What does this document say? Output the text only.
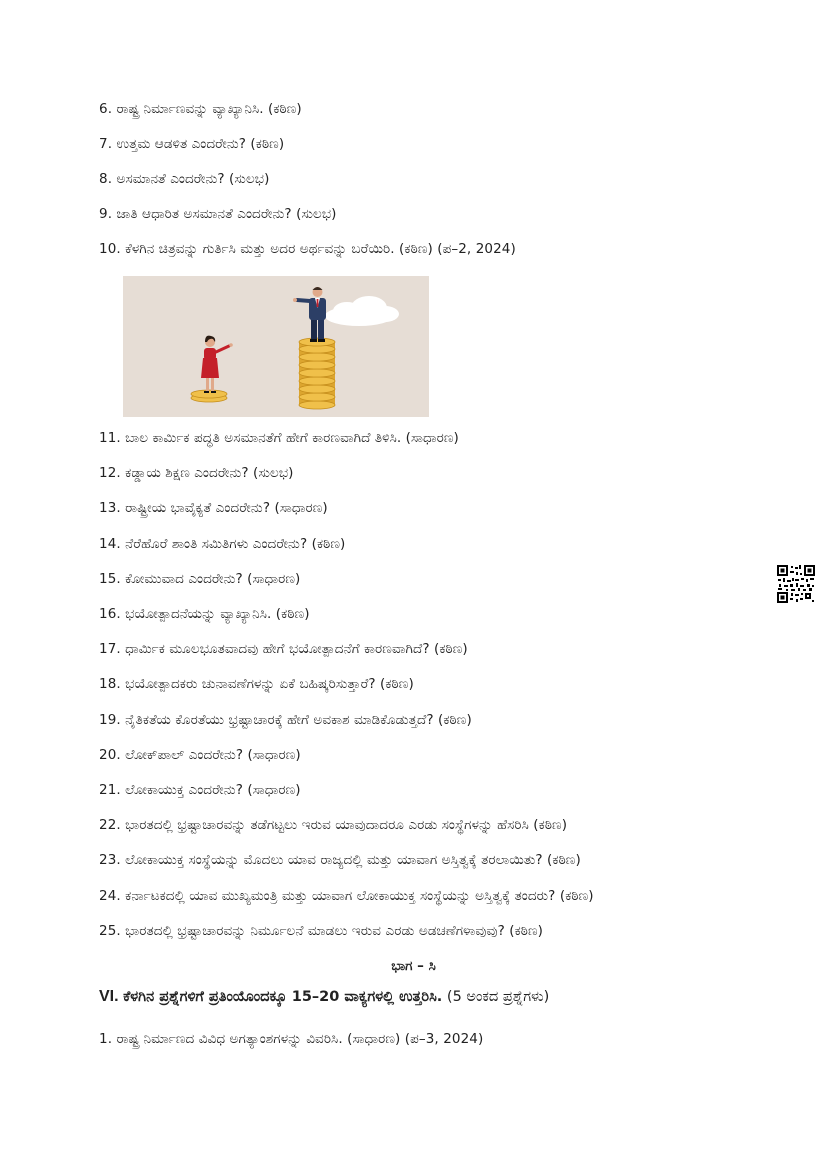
6. ರಾಷ್ಟ್ರ ನಿರ್ಮಾಣವನ್ನು ವ್ಯಾಖ್ಯಾನಿಸಿ. (ಕಠಿಣ)
7. ಉತ್ತಮ ಆಡಳಿತ ಎಂದರೇನು? (ಕಠಿಣ)
8. ಅಸಮಾನತೆ ಎಂದರೇನು? (ಸುಲಭ)
9. ಜಾತಿ ಆಧಾರಿತ ಅಸಮಾನತೆ ಎಂದರೇನು? (ಸುಲಭ)
10. ಕೆಳಗಿನ ಚಿತ್ರವನ್ನು ಗುರ್ತಿಸಿ ಮತ್ತು ಅದರ ಅರ್ಥವನ್ನು ಬರೆಯಿರಿ. (ಕಠಿಣ) (ಪ–2, 2024)
11. ಬಾಲ ಕಾರ್ಮಿಕ ಪದ್ಧತಿ ಅಸಮಾನತೆಗೆ ಹೇಗೆ ಕಾರಣವಾಗಿದೆ ತಿಳಿಸಿ. (ಸಾಧಾರಣ)
12. ಕಡ್ಡಾಯ ಶಿಕ್ಷಣ ಎಂದರೇನು? (ಸುಲಭ)
13. ರಾಷ್ಟ್ರೀಯ ಭಾವೈಕ್ಯತೆ ಎಂದರೇನು? (ಸಾಧಾರಣ)
14. ನೆರೆಹೊರೆ ಶಾಂತಿ ಸಮಿತಿಗಳು ಎಂದರೇನು? (ಕಠಿಣ)
15. ಕೋಮುವಾದ ಎಂದರೇನು? (ಸಾಧಾರಣ)
16. ಭಯೋತ್ಪಾದನೆಯನ್ನು ವ್ಯಾಖ್ಯಾನಿಸಿ. (ಕಠಿಣ)
17. ಧಾರ್ಮಿಕ ಮೂಲಭೂತವಾದವು ಹೇಗೆ ಭಯೋತ್ಪಾದನೆಗೆ ಕಾರಣವಾಗಿದೆ? (ಕಠಿಣ)
18. ಭಯೋತ್ಪಾದಕರು ಚುನಾವಣೆಗಳನ್ನು ಏಕೆ ಬಹಿಷ್ಕರಿಸುತ್ತಾರೆ? (ಕಠಿಣ)
19. ನೈತಿಕತೆಯ ಕೊರತೆಯು ಭ್ರಷ್ಟಾಚಾರಕ್ಕೆ ಹೇಗೆ ಅವಕಾಶ ಮಾಡಿಕೊಡುತ್ತದೆ? (ಕಠಿಣ)
20. ಲೋಕ್‌ಪಾಲ್ ಎಂದರೇನು? (ಸಾಧಾರಣ)
21. ಲೋಕಾಯುಕ್ತ ಎಂದರೇನು? (ಸಾಧಾರಣ)
22. ಭಾರತದಲ್ಲಿ ಭ್ರಷ್ಟಾಚಾರವನ್ನು ತಡೆಗಟ್ಟಲು ಇರುವ ಯಾವುದಾದರೂ ಎರಡು ಸಂಸ್ಥೆಗಳನ್ನು ಹೆಸರಿಸಿ (ಕಠಿಣ)
23. ಲೋಕಾಯುಕ್ತ ಸಂಸ್ಥೆಯನ್ನು ಮೊದಲು ಯಾವ ರಾಜ್ಯದಲ್ಲಿ ಮತ್ತು ಯಾವಾಗ ಅಸ್ತಿತ್ವಕ್ಕೆ ತರಲಾಯಿತು? (ಕಠಿಣ)
24. ಕರ್ನಾಟಕದಲ್ಲಿ ಯಾವ ಮುಖ್ಯಮಂತ್ರಿ ಮತ್ತು ಯಾವಾಗ ಲೋಕಾಯುಕ್ತ ಸಂಸ್ಥೆಯನ್ನು ಅಸ್ತಿತ್ವಕ್ಕೆ ತಂದರು? (ಕಠಿಣ)
25. ಭಾರತದಲ್ಲಿ ಭ್ರಷ್ಟಾಚಾರವನ್ನು ನಿರ್ಮೂಲನೆ ಮಾಡಲು ಇರುವ ಎರಡು ಅಡಚಣೆಗಳಾವುವು? (ಕಠಿಣ)
ಭಾಗ – ಸಿ
VI. ಕೆಳಗಿನ ಪ್ರಶ್ನೆಗಳಿಗೆ ಪ್ರತಿಂಯೊಂದಕ್ಕೂ 15–20 ವಾಕ್ಯಗಳಲ್ಲಿ ಉತ್ತರಿಸಿ. (5 ಅಂಕದ ಪ್ರಶ್ನೆಗಳು)
1. ರಾಷ್ಟ್ರ ನಿರ್ಮಾಣದ ವಿವಿಧ ಅಗತ್ಯಾಂಶಗಳನ್ನು ವಿವರಿಸಿ. (ಸಾಧಾರಣ) (ಪ–3, 2024)
